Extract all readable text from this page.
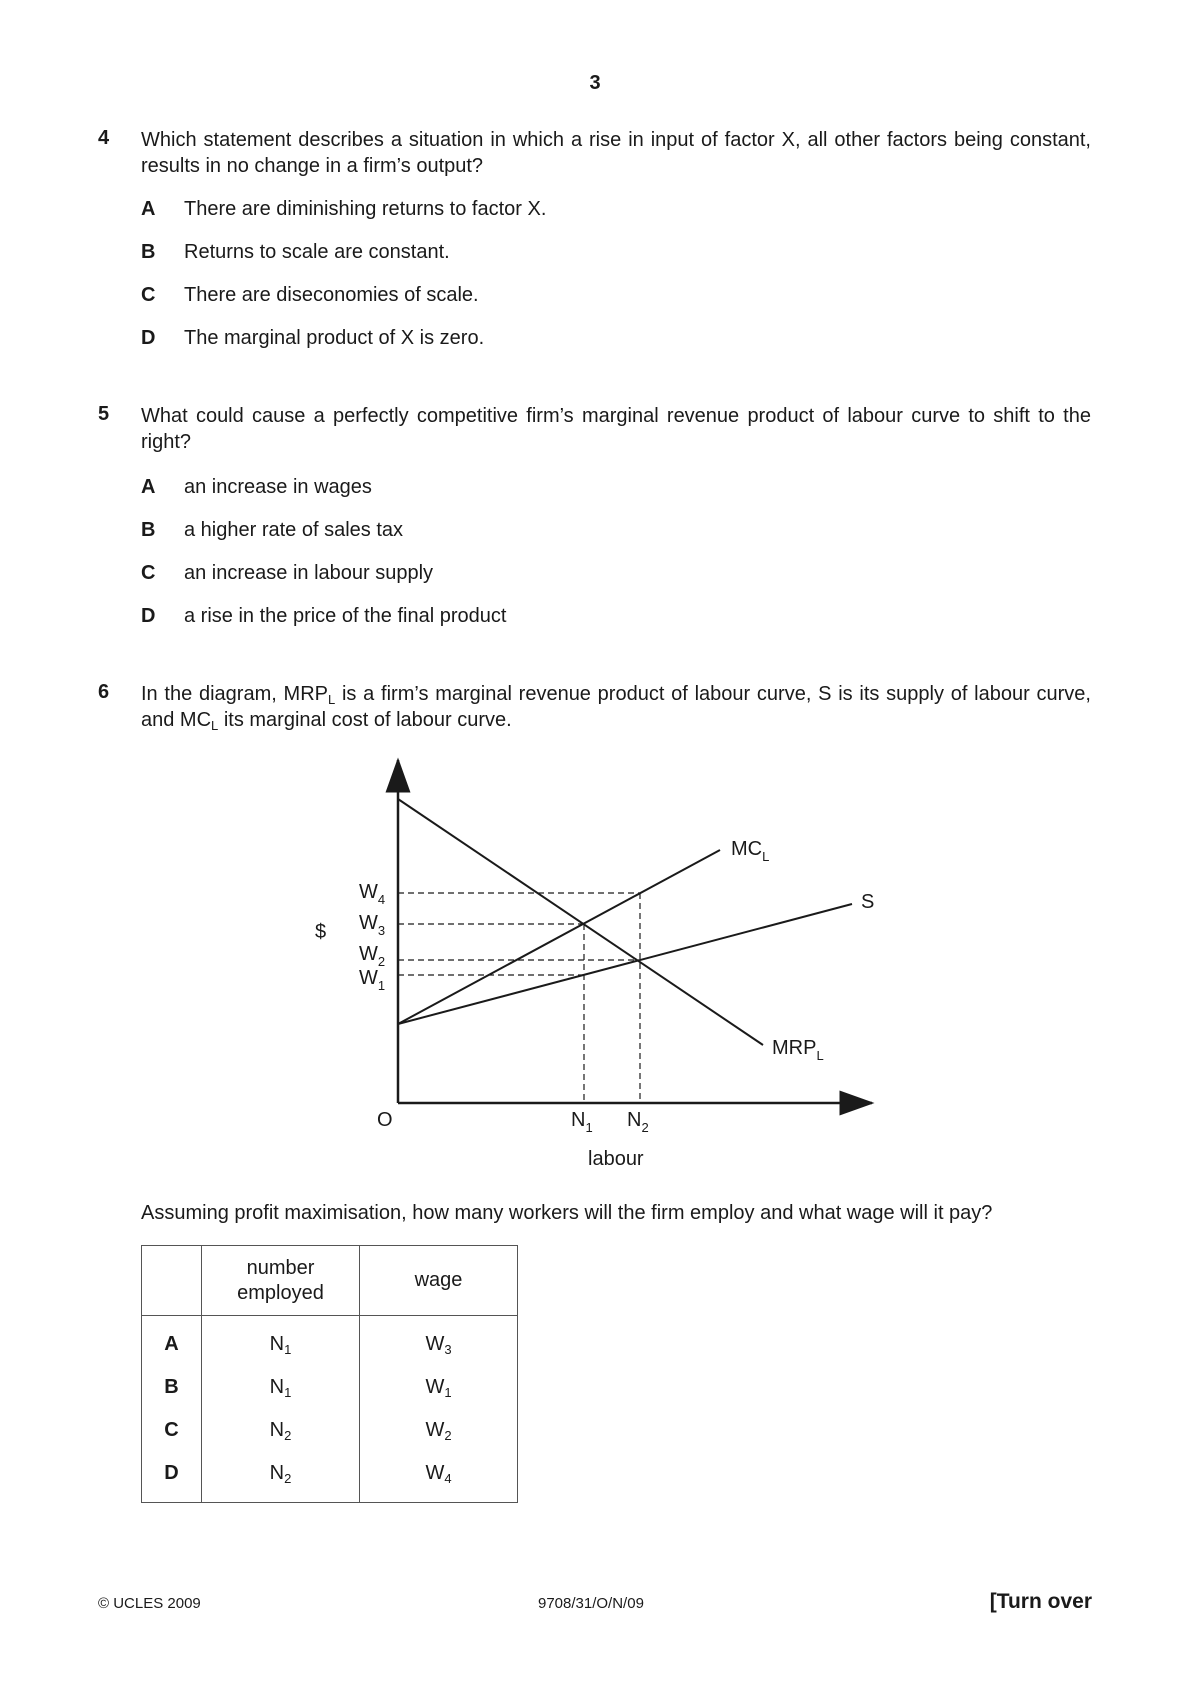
3
4 Which statement describes a situation in which a rise in input of factor X, all other factors being constant, results in no change in a firm’s output?
A There are diminishing returns to factor X.
B Returns to scale are constant.
C There are diseconomies of scale.
D The marginal product of X is zero.
5 What could cause a perfectly competitive firm’s marginal revenue product of labour curve to shift to the right?
A an increase in wages
B a higher rate of sales tax
C an increase in labour supply
D a rise in the price of the final product
6 In the diagram, $MRP_L$ is a firm’s marginal revenue product of labour curve, S is its supply of labour curve, and $MC_L$ its marginal cost of labour curve.
$MC_L$
S
$MRP_L$
$W_4$
$W_3$
$W_2$
$W_1$
$
O	$N_1$ $N_2$
labour
Assuming profit maximisation, how many workers will the firm employ and what wage will it pay?
	number
employed	wage
A	$N_1$	$W_3$
B	$N_1$	$W_1$
C	$N_2$	$W_2$
D	$N_2$	$W_4$
© UCLES 2009	9708/31/O/N/09	[Turn over
